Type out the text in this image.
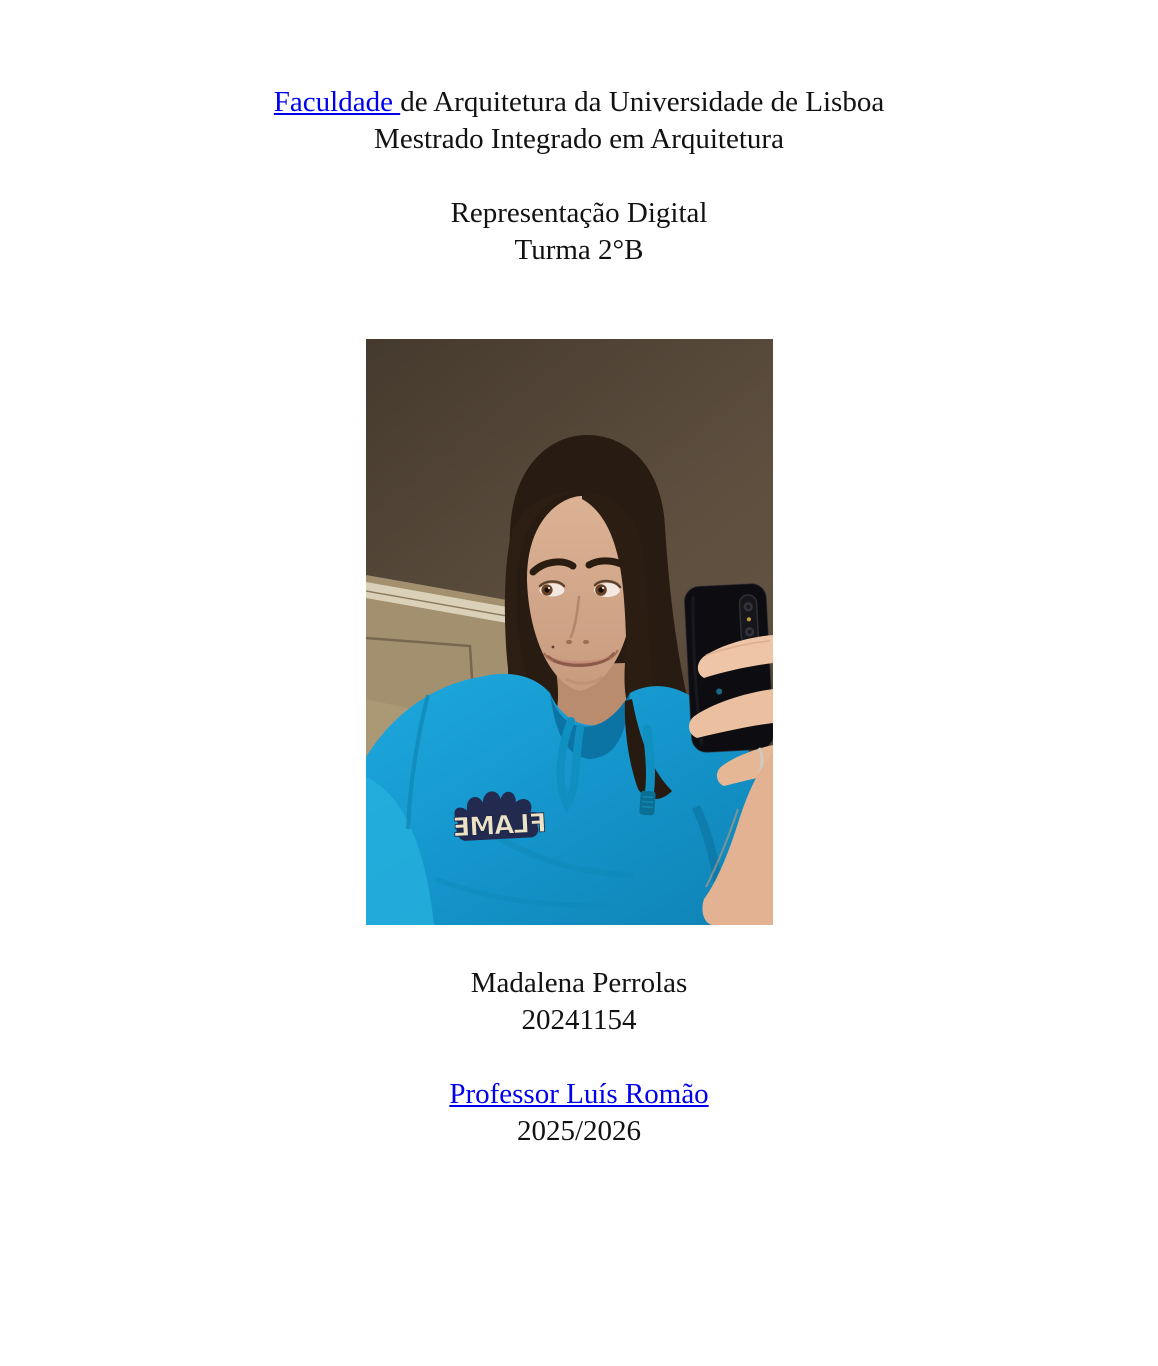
Faculdade de Arquitetura da Universidade de Lisboa

Mestrado Integrado em Arquitetura

Representação Digital

Turma 2°B

FLAME

Madalena Perrolas

20241154

Professor Luís Romão

2025/2026
